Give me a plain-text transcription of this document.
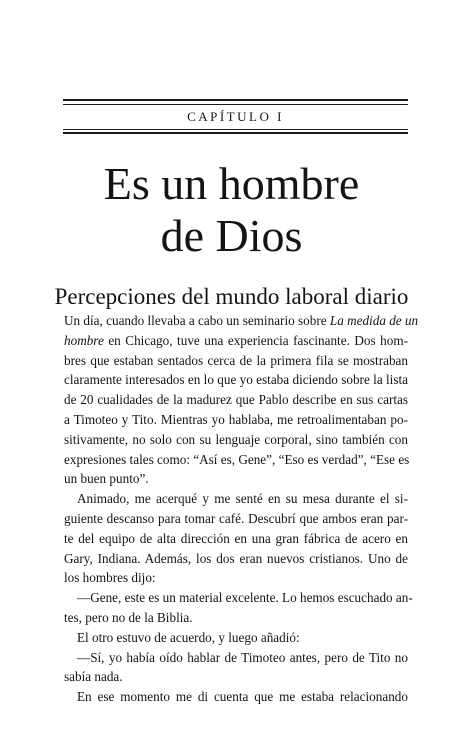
CAPÍTULO I
Es un hombre
de Dios
Percepciones del mundo laboral diario
Un día, cuando llevaba a cabo un seminario sobre La medida de un
hombre en Chicago, tuve una experiencia fascinante. Dos hom-
bres que estaban sentados cerca de la primera fila se mostraban
claramente interesados en lo que yo estaba diciendo sobre la lista
de 20 cualidades de la madurez que Pablo describe en sus cartas
a Timoteo y Tito. Mientras yo hablaba, me retroalimentaban po-
sitivamente, no solo con su lenguaje corporal, sino también con
expresiones tales como: “Así es, Gene”, “Eso es verdad”, “Ese es
un buen punto”.
Animado, me acerqué y me senté en su mesa durante el si-
guiente descanso para tomar café. Descubrí que ambos eran par-
te del equipo de alta dirección en una gran fábrica de acero en
Gary, Indiana. Además, los dos eran nuevos cristianos. Uno de
los hombres dijo:
—Gene, este es un material excelente. Lo hemos escuchado an-
tes, pero no de la Biblia.
El otro estuvo de acuerdo, y luego añadió:
—Sí, yo había oído hablar de Timoteo antes, pero de Tito no
sabía nada.
En ese momento me di cuenta que me estaba relacionando
